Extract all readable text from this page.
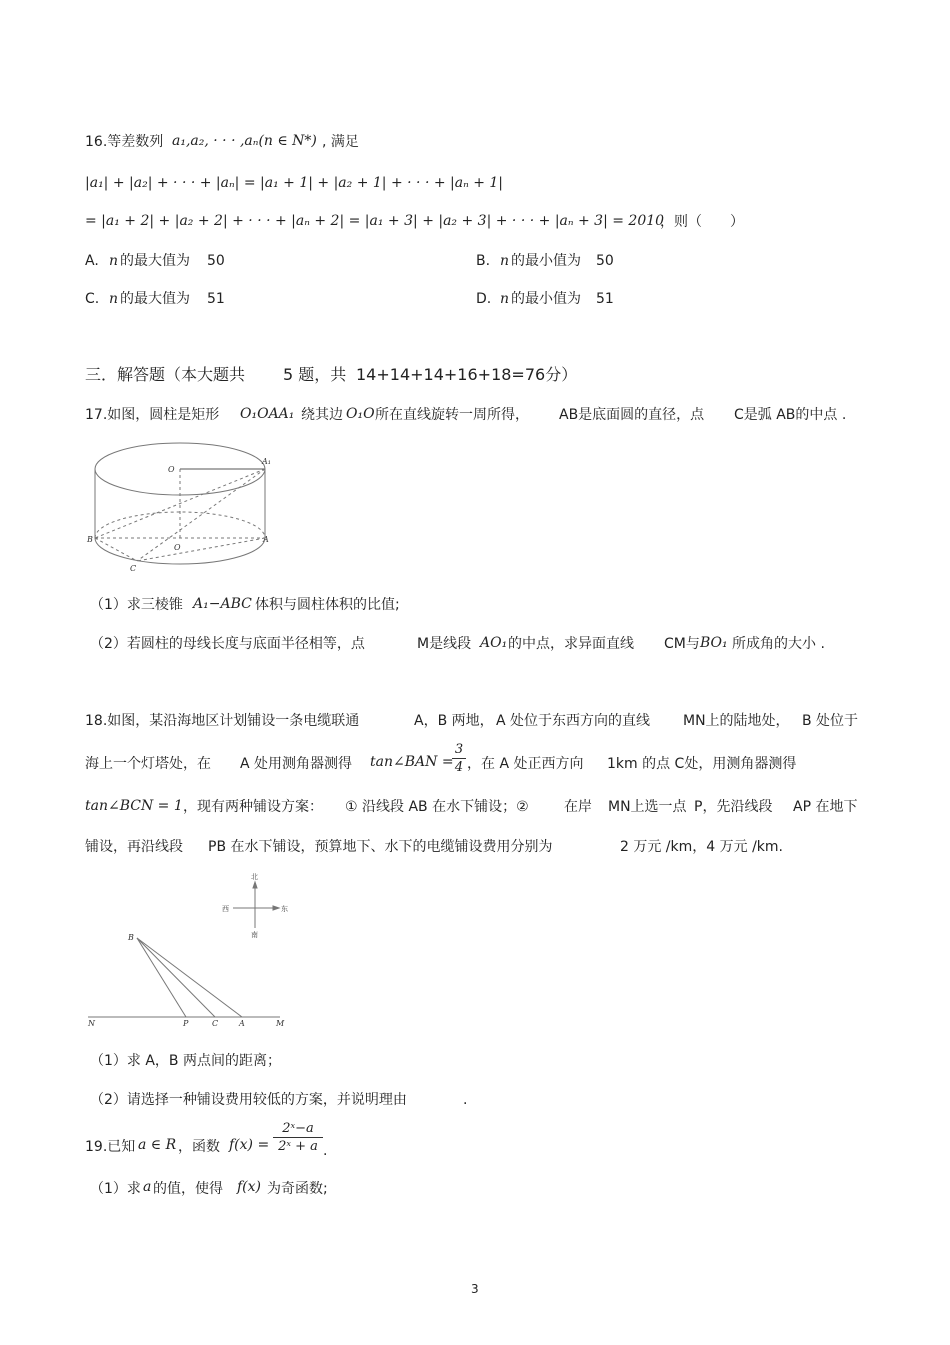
16.等差数列 a₁,a₂, · · · ,aₙ(n ∈ N*) , 满足
|a₁| + |a₂| + · · · + |aₙ| = |a₁ + 1| + |a₂ + 1| + · · · + |aₙ + 1|
= |a₁ + 2| + |a₂ + 2| + · · · + |aₙ + 2| = |a₁ + 3| + |a₂ + 3| + · · · + |aₙ + 3| = 2010
，则（　　）
A. n 的最大值为 50	B. n 的最小值为 50
C. n 的最大值为 51	D. n 的最小值为 51
三．解答题（本大题共 5 题，共 14+14+14+16+18=76分）
17.如图，圆柱是矩形 O₁OAA₁ 绕其边 O₁O 所在直线旋转一周所得， AB是底面圆的直径，点 C是弧 AB的中点 .
O
A₁
O
A
B
C
（1）求三棱锥 A₁−ABC 体积与圆柱体积的比值;
（2）若圆柱的母线长度与底面半径相等，点	M是线段 AO₁ 的中点，求异面直线 CM与 BO₁ 所成角的大小 .
18.如图，某沿海地区计划铺设一条电缆联通	A，B 两地， A 处位于东西方向的直线 MN上的陆地处， B 处位于
海上一个灯塔处，在 A 处用测角器测得 tan∠BAN =
3
4 ，在 A 处正西方向 1km 的点 C处，用测角器测得
tan∠BCN = 1 ，现有两种铺设方案： ① 沿线段 AB 在水下铺设；②	在岸 MN上选一点 P，先沿线段 AP 在地下
铺设，再沿线段 PB 在水下铺设，预算地下、水下的电缆铺设费用分别为	2 万元 /km，4 万元 /km.
北
南
西	东
B
N	P	C	A	M
（1）求 A，B 两点间的距离；
（2）请选择一种铺设费用较低的方案，并说明理由	.
19.已知 a ∈ R ，函数 f(x) =
2ˣ−a
2ˣ + a .
（1）求 a 的值，使得 f(x) 为奇函数;
3
